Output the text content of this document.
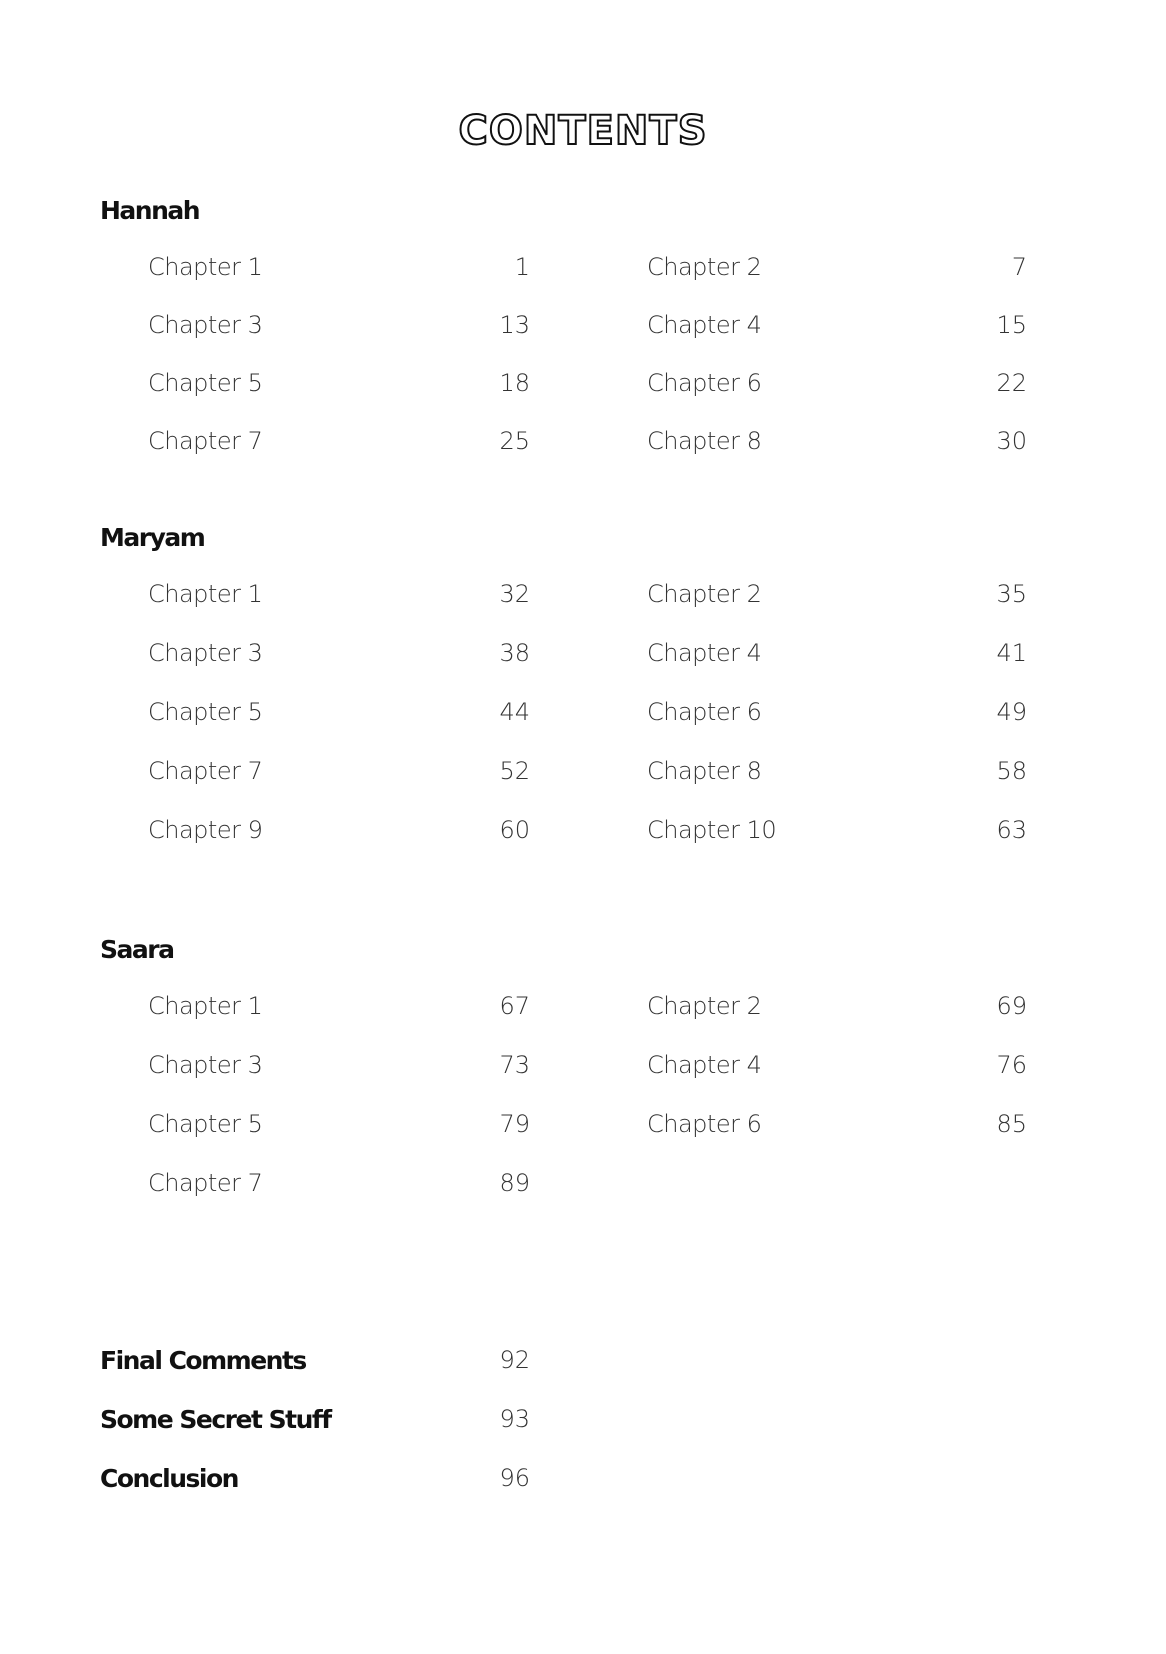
CONTENTS
Hannah
Chapter 1	1	Chapter 2	7
Chapter 3	13	Chapter 4	15
Chapter 5	18	Chapter 6	22
Chapter 7	25	Chapter 8	30
Maryam
Chapter 1	32	Chapter 2	35
Chapter 3	38	Chapter 4	41
Chapter 5	44	Chapter 6	49
Chapter 7	52	Chapter 8	58
Chapter 9	60	Chapter 10	63
Saara
Chapter 1	67	Chapter 2	69
Chapter 3	73	Chapter 4	76
Chapter 5	79	Chapter 6	85
Chapter 7	89
Final Comments	92
Some Secret Stuff	93
Conclusion	96
